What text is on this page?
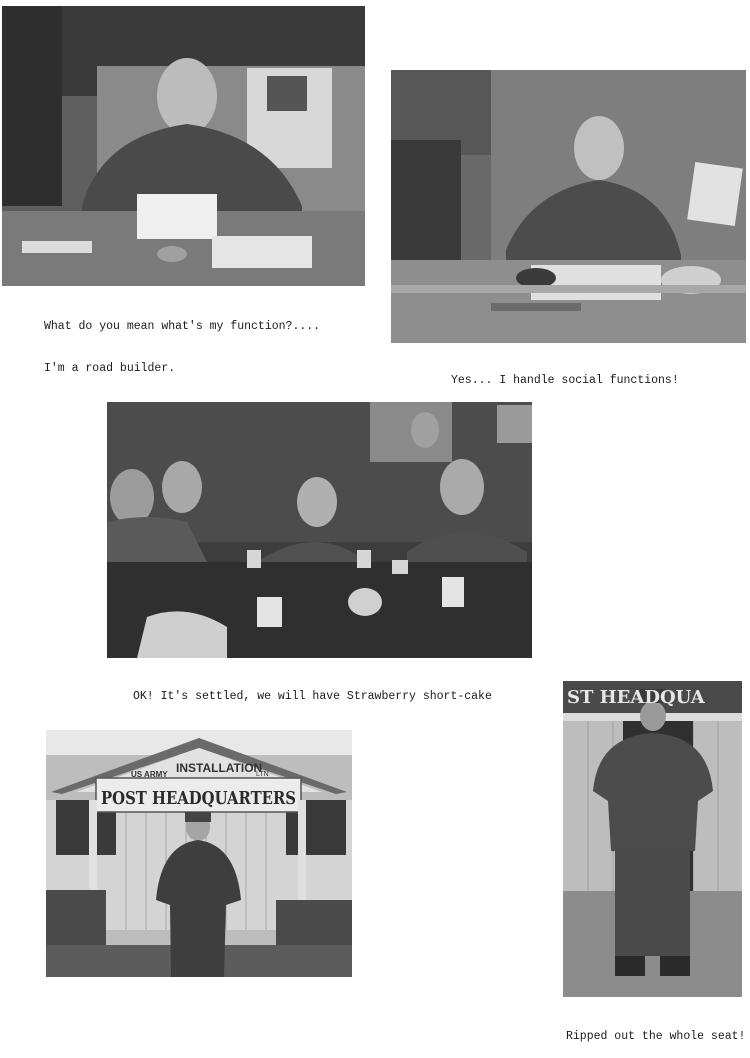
What do you mean what's my function?....

I'm a road builder.

Yes... I handle social functions!

OK! It's settled, we will have Strawberry short-cake

US ARMY INSTALLATION
LTN
POST HEADQUARTERS
ST HEADQUA

Ripped out the whole seat!
